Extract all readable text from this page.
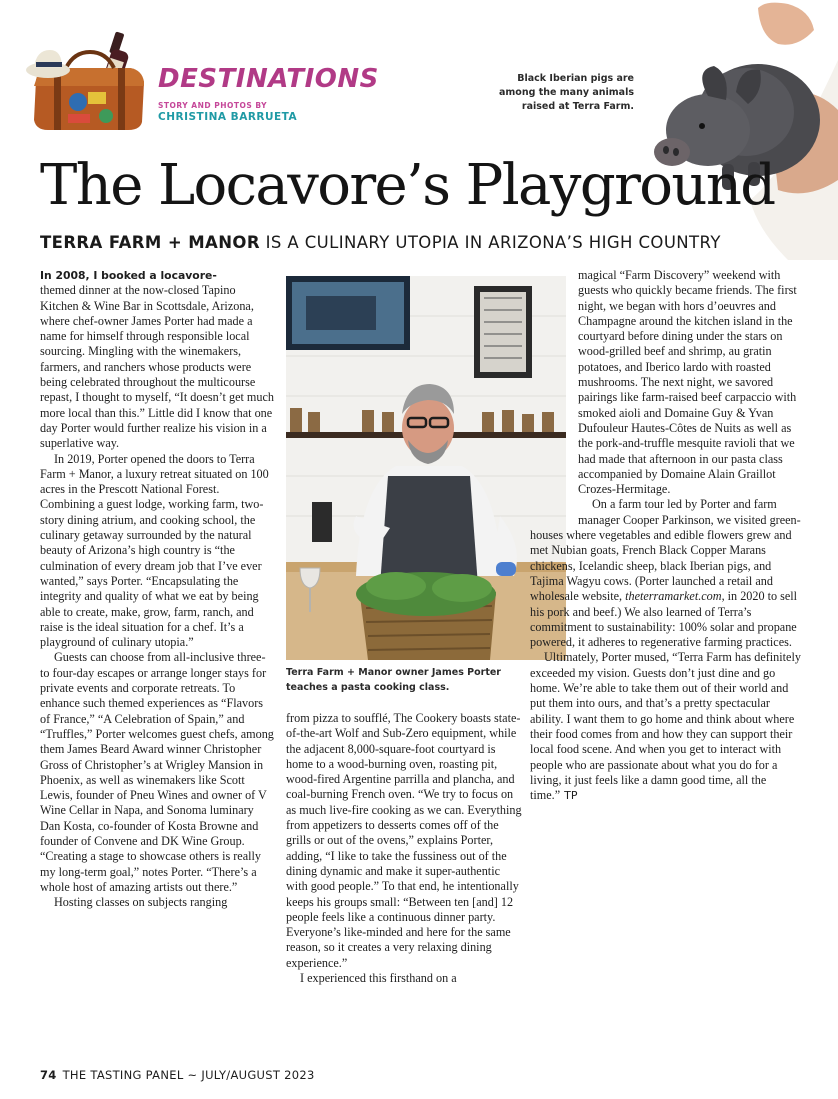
DESTINATIONS
STORY AND PHOTOS BY
CHRISTINA BARRUETA
Black Iberian pigs are among the many animals raised at Terra Farm.
The Locavore’s Playground
TERRA FARM + MANOR IS A CULINARY UTOPIA IN ARIZONA’S HIGH COUNTRY
In 2008, I booked a locavore-

themed dinner at the now-closed Tapino Kitchen & Wine Bar in Scottsdale, Arizona, where chef-owner James Porter had made a name for himself through responsible local sourcing. Mingling with the winemakers, farmers, and ranchers whose products were being celebrated throughout the multicourse repast, I thought to myself, “It doesn’t get much more local than this.” Little did I know that one day Porter would further realize his vision in a superlative way.

In 2019, Porter opened the doors to Terra Farm + Manor, a luxury retreat situated on 100 acres in the Prescott National Forest. Combining a guest lodge, working farm, two-story dining atrium, and cooking school, the culinary getaway surrounded by the natural beauty of Arizona’s high country is “the culmination of every dream job that I’ve ever wanted,” says Porter. “Encapsulating the integrity and quality of what we eat by being able to create, make, grow, farm, ranch, and raise is the ideal situation for a chef. It’s a playground of culinary utopia.”

Guests can choose from all-inclusive three- to four-day escapes or arrange longer stays for private events and corporate retreats. To enhance such themed experiences as “Flavors of France,” “A Celebration of Spain,” and “Truffles,” Porter welcomes guest chefs, among them James Beard Award winner Christopher Gross of Christopher’s at Wrigley Mansion in Phoenix, as well as winemakers like Scott Lewis, founder of Pneu Wines and owner of V Wine Cellar in Napa, and Sonoma luminary Dan Kosta, co-founder of Kosta Browne and founder of Convene and DK Wine Group. “Creating a stage to showcase others is really my long-term goal,” notes Porter. “There’s a whole host of amazing artists out there.”

Hosting classes on subjects ranging

Terra Farm + Manor owner James Porter teaches a pasta cooking class.

from pizza to soufflé, The Cookery boasts state-of-the-art Wolf and Sub-Zero equipment, while the adjacent 8,000-square-foot courtyard is home to a wood-burning oven, roasting pit, wood-fired Argentine parrilla and plancha, and coal-burning French oven. “We try to focus on as much live-fire cooking as we can. Everything from appetizers to desserts comes off of the grills or out of the ovens,” explains Porter, adding, “I like to take the fussiness out of the dining dynamic and make it super-authentic with good people.” To that end, he intentionally keeps his groups small: “Between ten [and] 12 people feels like a continuous dinner party. Everyone’s like-minded and here for the same reason, so it creates a very relaxing dining experience.”

I experienced this firsthand on a

magical “Farm Discovery” weekend with guests who quickly became friends. The first night, we began with hors d’oeuvres and Champagne around the kitchen island in the courtyard before dining under the stars on wood-grilled beef and shrimp, au gratin potatoes, and Iberico lardo with roasted mushrooms. The next night, we savored pairings like farm-raised beef carpaccio with smoked aioli and Domaine Guy & Yvan Dufouleur Hautes-Côtes de Nuits as well as the pork-and-truffle mesquite ravioli that we had made that afternoon in our pasta class accompanied by Domaine Alain Graillot Crozes-Hermitage.

On a farm tour led by Porter and farm manager Cooper Parkinson, we visited green-

houses where vegetables and edible flowers grew and met Nubian goats, French Black Copper Marans chickens, Icelandic sheep, black Iberian pigs, and Tajima Wagyu cows. (Porter launched a retail and wholesale website, theterramarket.com, in 2020 to sell his pork and beef.) We also learned of Terra’s commitment to sustainability: 100% solar and propane powered, it adheres to regenerative farming practices.

Ultimately, Porter mused, “Terra Farm has definitely exceeded my vision. Guests don’t just dine and go home. We’re able to take them out of their world and put them into ours, and that’s a pretty spectacular ability. I want them to go home and think about where their food comes from and how they can support their local food scene. And when you get to interact with people who are passionate about what you do for a living, it just feels like a damn good time, all the time.” TP

74 THE TASTING PANEL ~ JULY/AUGUST 2023
